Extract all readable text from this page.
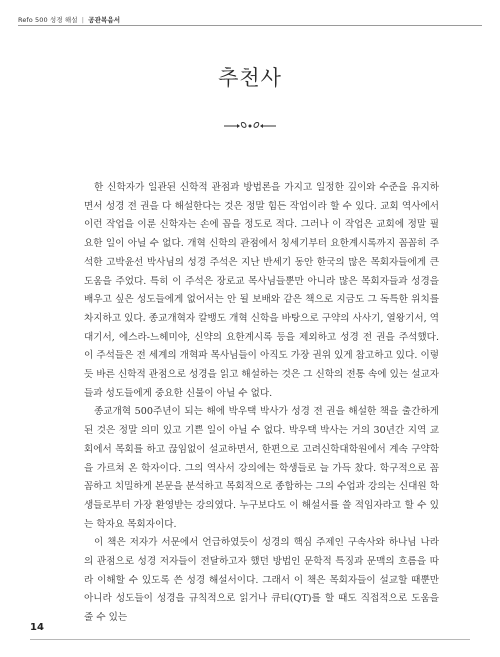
Refo 500 성경 해설 | 공관복음서
추천사

한 신학자가 일관된 신학적 관점과 방법론을 가지고 일정한 깊이와 수준을 유지하면서 성경 전 권을 다 해설한다는 것은 정말 힘든 작업이라 할 수 있다. 교회 역사에서 이런 작업을 이룬 신학자는 손에 꼽을 정도로 적다. 그러나 이 작업은 교회에 정말 필요한 일이 아닐 수 없다. 개혁 신학의 관점에서 칭세기부터 요한계시록까지 꼼꼼히 주석한 고박윤선 박사님의 성경 주석은 지난 반세기 동안 한국의 많은 목회자들에게 큰 도움을 주었다. 특히 이 주석은 장로교 목사님들뿐만 아니라 많은 목회자들과 성경을 배우고 싶은 성도들에게 없어서는 안 될 보배와 같은 책으로 지금도 그 독특한 위치를 차지하고 있다. 종교개혁자 칼뱅도 개혁 신학을 바탕으로 구약의 사사기, 열왕기서, 역대기서, 에스라-느헤미야, 신약의 요한계시록 등을 제외하고 성경 전 권을 주석했다. 이 주석들은 전 세계의 개혁파 목사님들이 아직도 가장 권위 있게 참고하고 있다. 이렇듯 바른 신학적 관점으로 성경을 읽고 해설하는 것은 그 신학의 전통 속에 있는 설교자들과 성도들에게 중요한 신물이 아닐 수 없다.

종교개혁 500주년이 되는 해에 박우택 박사가 성경 전 권을 해설한 책을 출간하게 된 것은 정말 의미 있고 기쁜 일이 아닐 수 없다. 박우택 박사는 거의 30년간 지역 교회에서 목회를 하고 끊임없이 설교하면서, 한편으로 고려신학대학원에서 계속 구약학을 가르쳐 온 학자이다. 그의 역사서 강의에는 학생들로 늘 가득 찼다. 학구적으로 꼼꼼하고 치밀하게 본문을 분석하고 목회적으로 종합하는 그의 수업과 강의는 신대원 학생들로부터 가장 환영받는 강의였다. 누구보다도 이 해설서를 쓸 적임자라고 할 수 있는 학자요 목회자이다.

이 책은 저자가 서문에서 언급하였듯이 성경의 핵심 주제인 구속사와 하나님 나라의 관점으로 성경 저자들이 전달하고자 했던 방법인 문학적 특징과 문맥의 흐름을 따라 이해할 수 있도록 쓴 성경 해설서이다. 그래서 이 책은 목회자들이 설교할 때뿐만 아니라 성도들이 성경을 규칙적으로 읽거나 큐티(QT)를 할 때도 직접적으로 도움을 줄 수 있는

14
